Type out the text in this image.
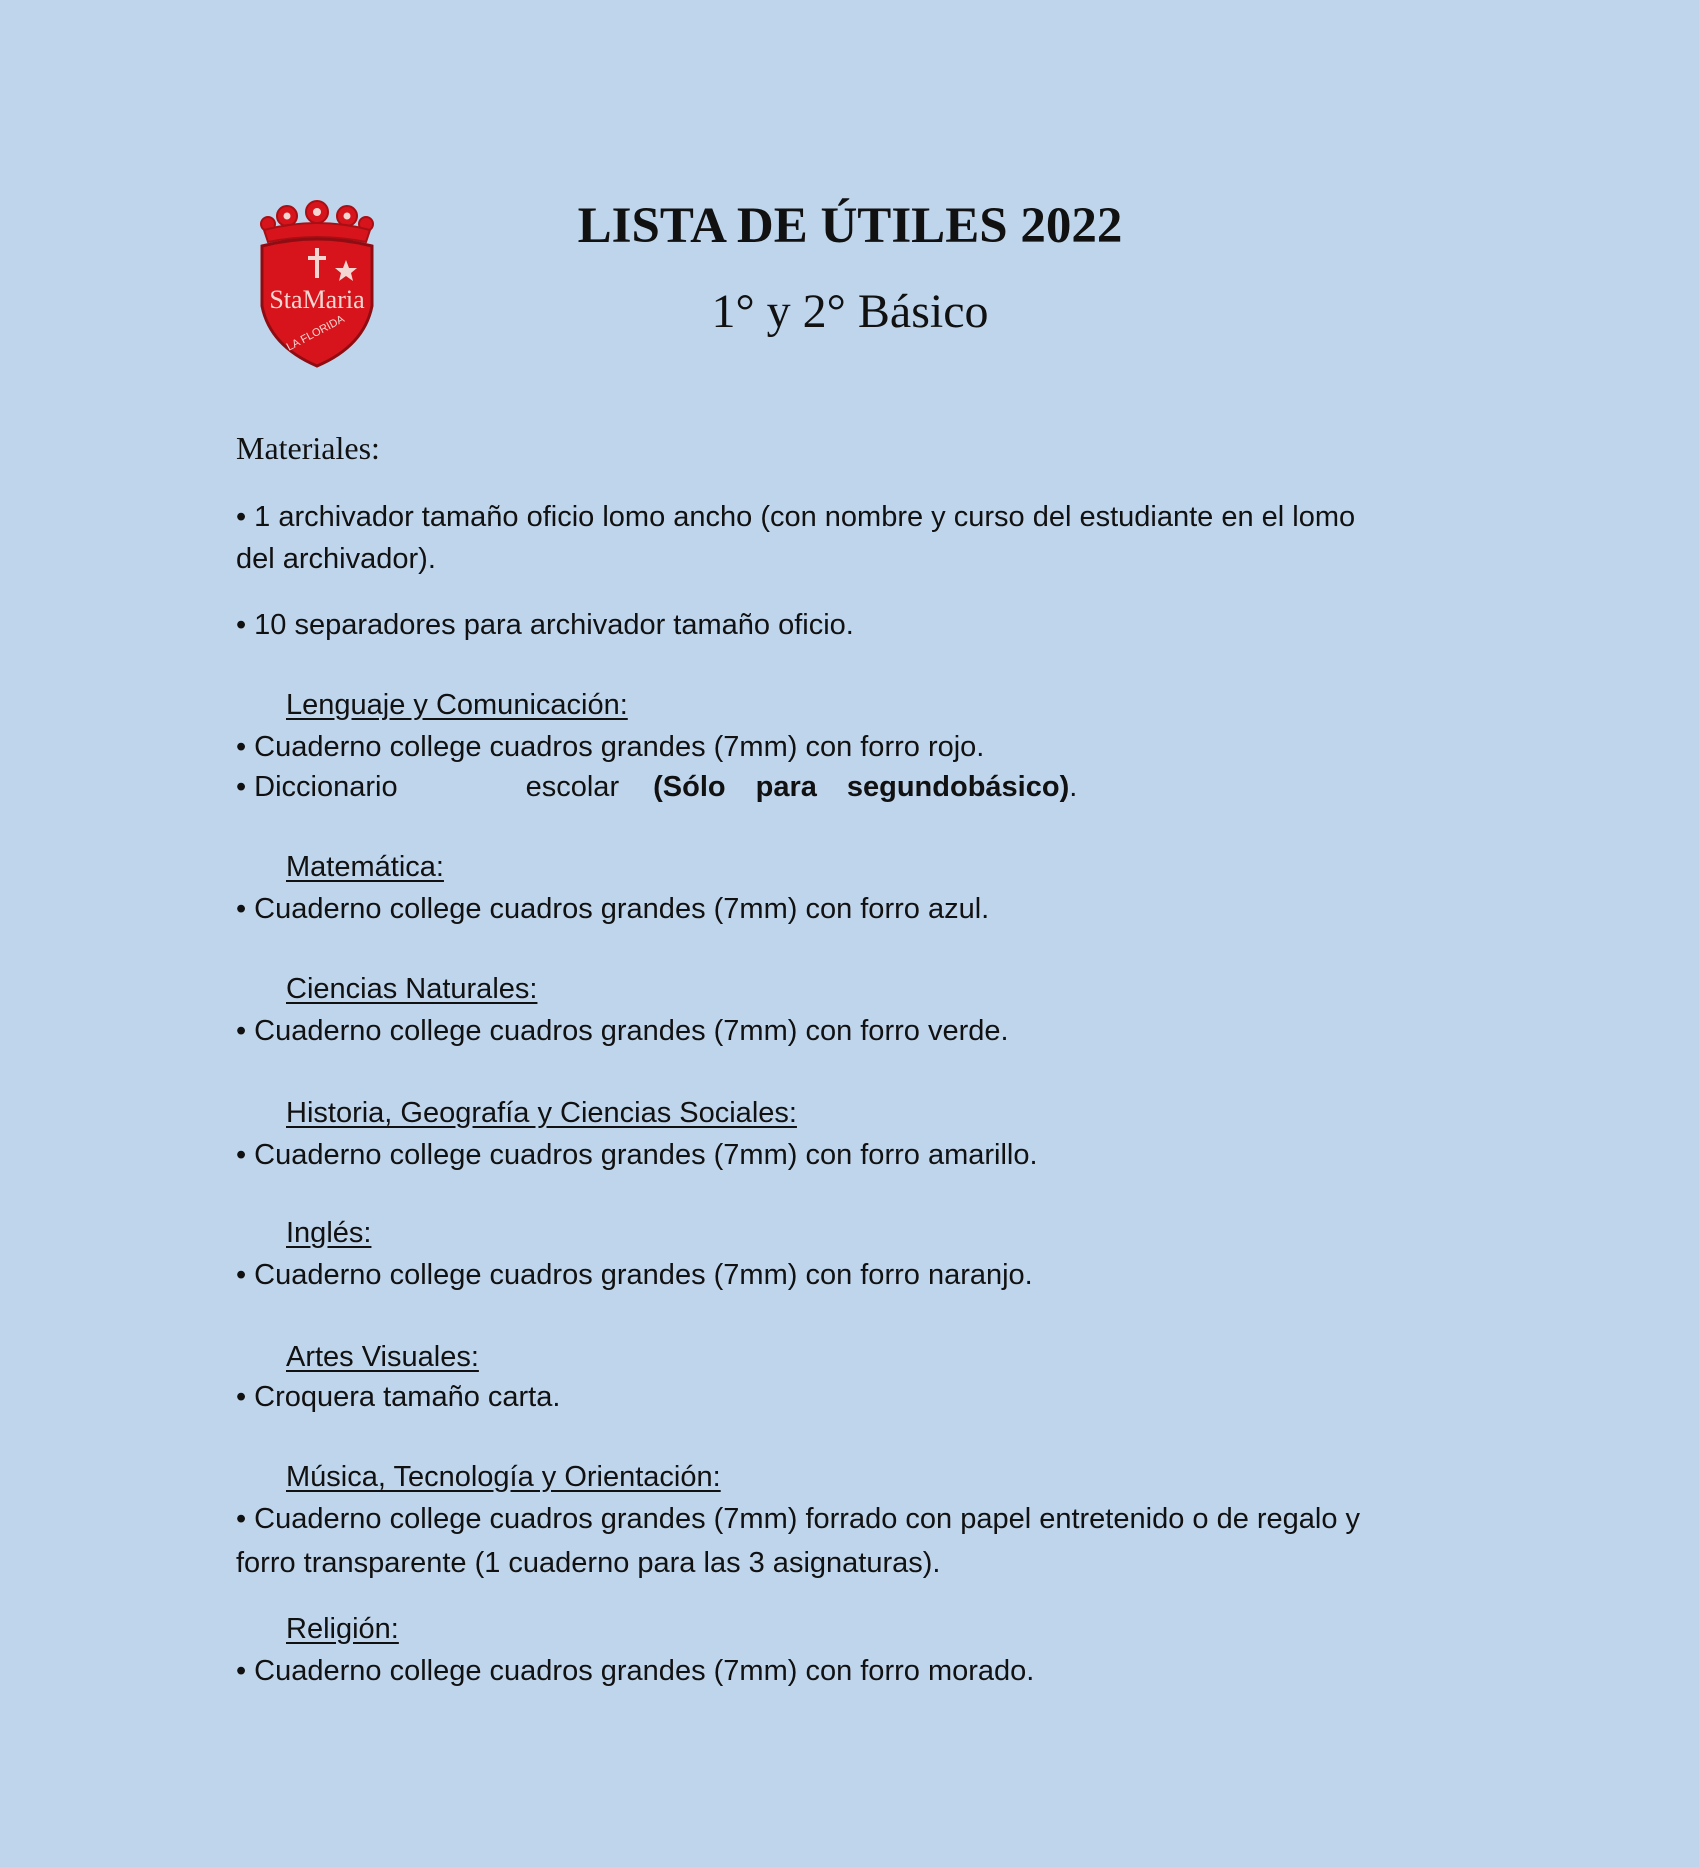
StaMaria
LA FLORIDA
LISTA DE ÚTILES 2022
1° y 2° Básico
Materiales:
• 1 archivador tamaño oficio lomo ancho (con nombre y curso del estudiante en el lomo
del archivador).
• 10 separadores para archivador tamaño oficio.
Lenguaje y Comunicación:
• Cuaderno college cuadros grandes (7mm) con forro rojo.
• Diccionario	escolar (Sólo para segundobásico).
Matemática:
• Cuaderno college cuadros grandes (7mm) con forro azul.
Ciencias Naturales:
• Cuaderno college cuadros grandes (7mm) con forro verde.
Historia, Geografía y Ciencias Sociales:
• Cuaderno college cuadros grandes (7mm) con forro amarillo.
Inglés:
• Cuaderno college cuadros grandes (7mm) con forro naranjo.
Artes Visuales:
• Croquera tamaño carta.
Música, Tecnología y Orientación:
• Cuaderno college cuadros grandes (7mm) forrado con papel entretenido o de regalo y
forro transparente (1 cuaderno para las 3 asignaturas).
Religión:
• Cuaderno college cuadros grandes (7mm) con forro morado.
